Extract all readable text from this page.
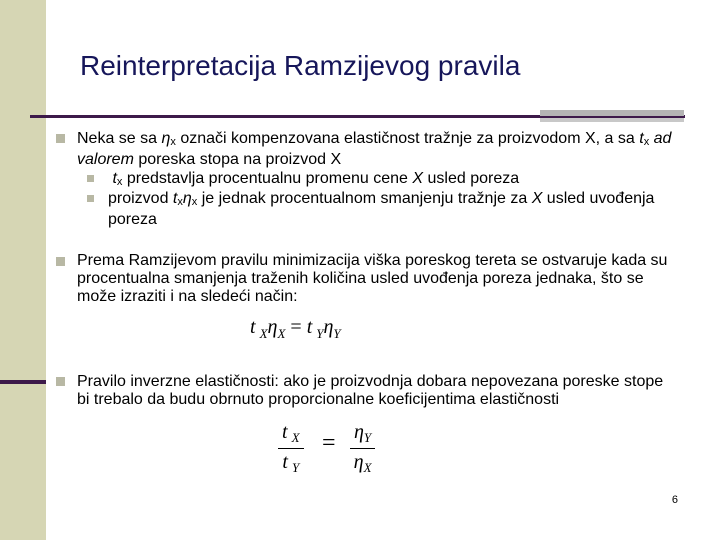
Reinterpretacija Ramzijevog pravila
Neka se sa ηx označi kompenzovana elastičnost tražnje za proizvodom X, a sa tx ad valorem poreska stopa na proizvod X
tx predstavlja procentualnu promenu cene X usled poreza
proizvod txηx je jednak procentualnom smanjenju tražnje za X usled uvođenja poreza
Prema Ramzijevom pravilu minimizacija viška poreskog tereta se ostvaruje kada su procentualna smanjenja traženih količina usled uvođenja poreza jednaka, što se može izraziti i na sledeći način:
t  $_X\eta_X = t$  $_Y\eta_Y$
Pravilo inverzne elastičnosti: ako je proizvodnja dobara nepovezana poreske stope bi trebalo da budu obrnuto proporcionalne koeficijentima elastičnosti
$\frac{t _X}{t _Y} = \frac{\eta_Y}{\eta_X}$
6
